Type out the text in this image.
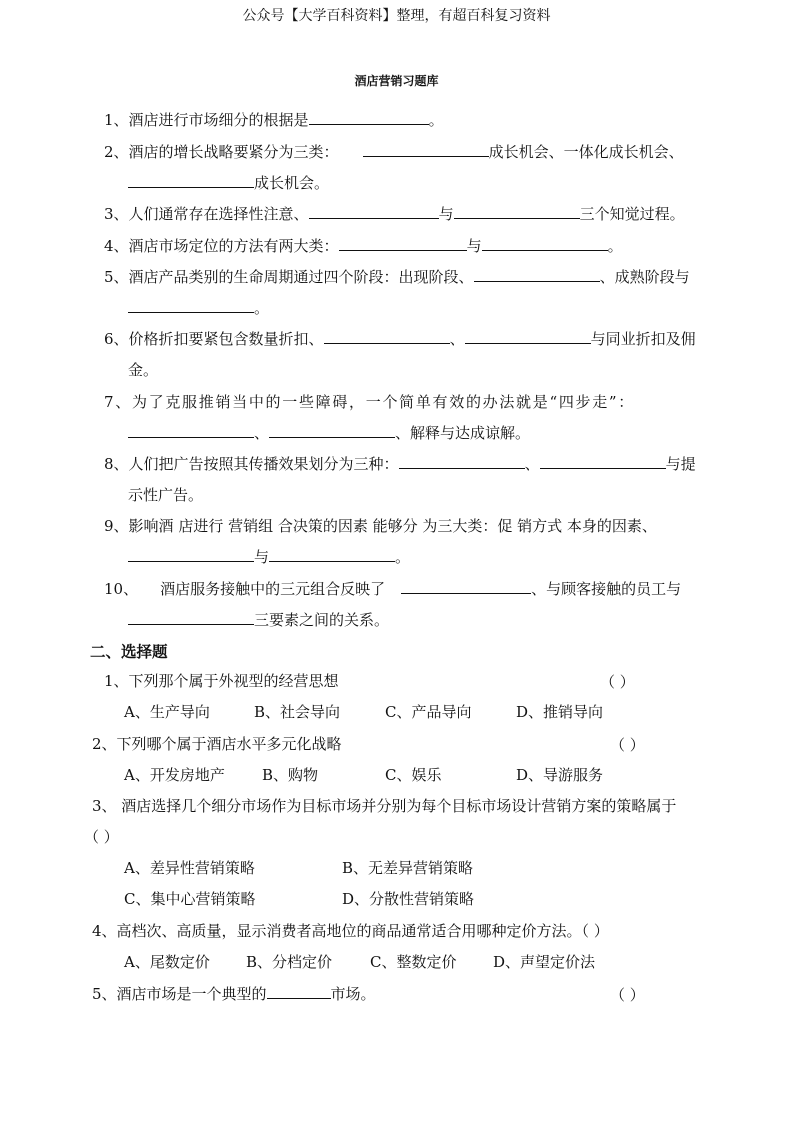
公众号【大学百科资料】整理，有超百科复习资料
酒店营销习题库
1、酒店进行市场细分的根据是	。
2、酒店的增长战略要紧分为三类：	成长机会、一体化成长机会、
成长机会。
3、人们通常存在选择性注意、	与	三个知觉过程。
4、酒店市场定位的方法有两大类：	与	。
5、酒店产品类别的生命周期通过四个阶段：出现阶段、	、成熟阶段与
。
6、价格折扣要紧包含数量折扣、	、	与同业折扣及佣
金。
7、为了克服推销当中的一些障碍，一个简单有效的办法就是“四步走”：
、	、解释与达成谅解。
8、人们把广告按照其传播效果划分为三种：	、	与提
示性广告。
9、影响酒 店进行 营销组 合决策的因素 能够分 为三大类：促 销方式 本身的因素、
与	。
10、 酒店服务接触中的三元组合反映了	、与顾客接触的员工与
三要素之间的关系。
二、选择题
1、下列那个属于外视型的经营思想	（ ）
A、生产导向	B、社会导向	C、产品导向	D、推销导向
2、下列哪个属于酒店水平多元化战略	（ ）
A、开发房地产 B、购物	C、娱乐	D、导游服务
3、 酒店选择几个细分市场作为目标市场并分别为每个目标市场设计营销方案的策略属于
（ ）
A、差异性营销策略	B、无差异营销策略
C、集中心营销策略	D、分散性营销策略
4、高档次、高质量，显示消费者高地位的商品通常适合用哪种定价方法。（ ）
A、尾数定价 B、分档定价	C、整数定价 D、声望定价法
5、酒店市场是一个典型的	市场。	（ ）
